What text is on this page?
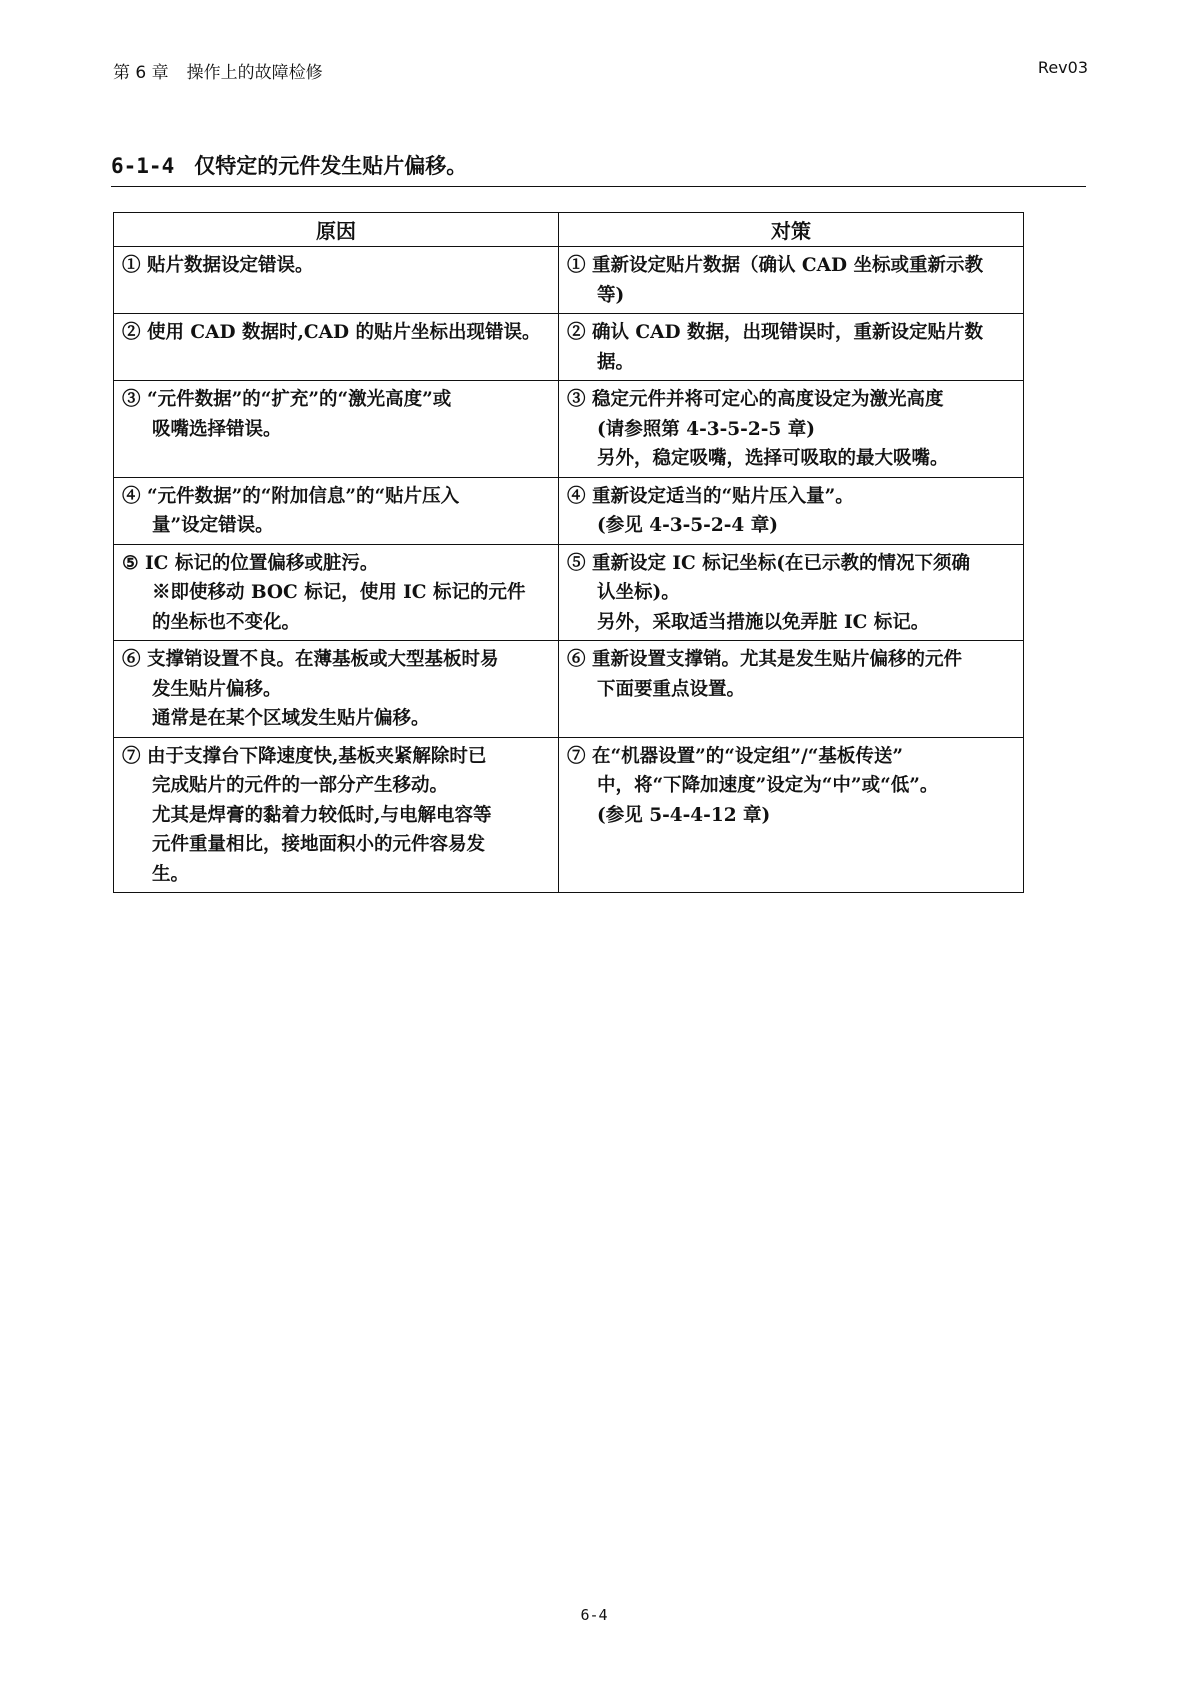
第 6 章 操作上的故障检修	Rev03
6-1-4 仅特定的元件发生贴片偏移。
原因	对策

① 贴片数据设定错误。	① 重新设定贴片数据（确认 CAD 坐标或重新示教
等)

② 使用 CAD 数据时,CAD 的贴片坐标出现错误。	② 确认 CAD 数据，出现错误时，重新设定贴片数
据。

③ “元件数据”的“扩充”的“激光高度”或
吸嘴选择错误。	③ 稳定元件并将可定心的高度设定为激光高度
(请参照第 4-3-5-2-5 章)
另外，稳定吸嘴，选择可吸取的最大吸嘴。

④ “元件数据”的“附加信息”的“贴片压入
量”设定错误。	④ 重新设定适当的“贴片压入量”。
(参见 4-3-5-2-4 章)

⑤ IC 标记的位置偏移或脏污。
※即使移动 BOC 标记，使用 IC 标记的元件
的坐标也不变化。	⑤ 重新设定 IC 标记坐标(在已示教的情况下须确
认坐标)。
另外，采取适当措施以免弄脏 IC 标记。

⑥ 支撑销设置不良。在薄基板或大型基板时易
发生贴片偏移。
通常是在某个区域发生贴片偏移。	⑥ 重新设置支撑销。尤其是发生贴片偏移的元件
下面要重点设置。

⑦ 由于支撑台下降速度快,基板夹紧解除时已
完成贴片的元件的一部分产生移动。
尤其是焊膏的黏着力较低时,与电解电容等
元件重量相比，接地面积小的元件容易发
生。	⑦ 在“机器设置”的“设定组”/“基板传送”
中，将“下降加速度”设定为“中”或“低”。
(参见 5-4-4-12 章)
6-4
